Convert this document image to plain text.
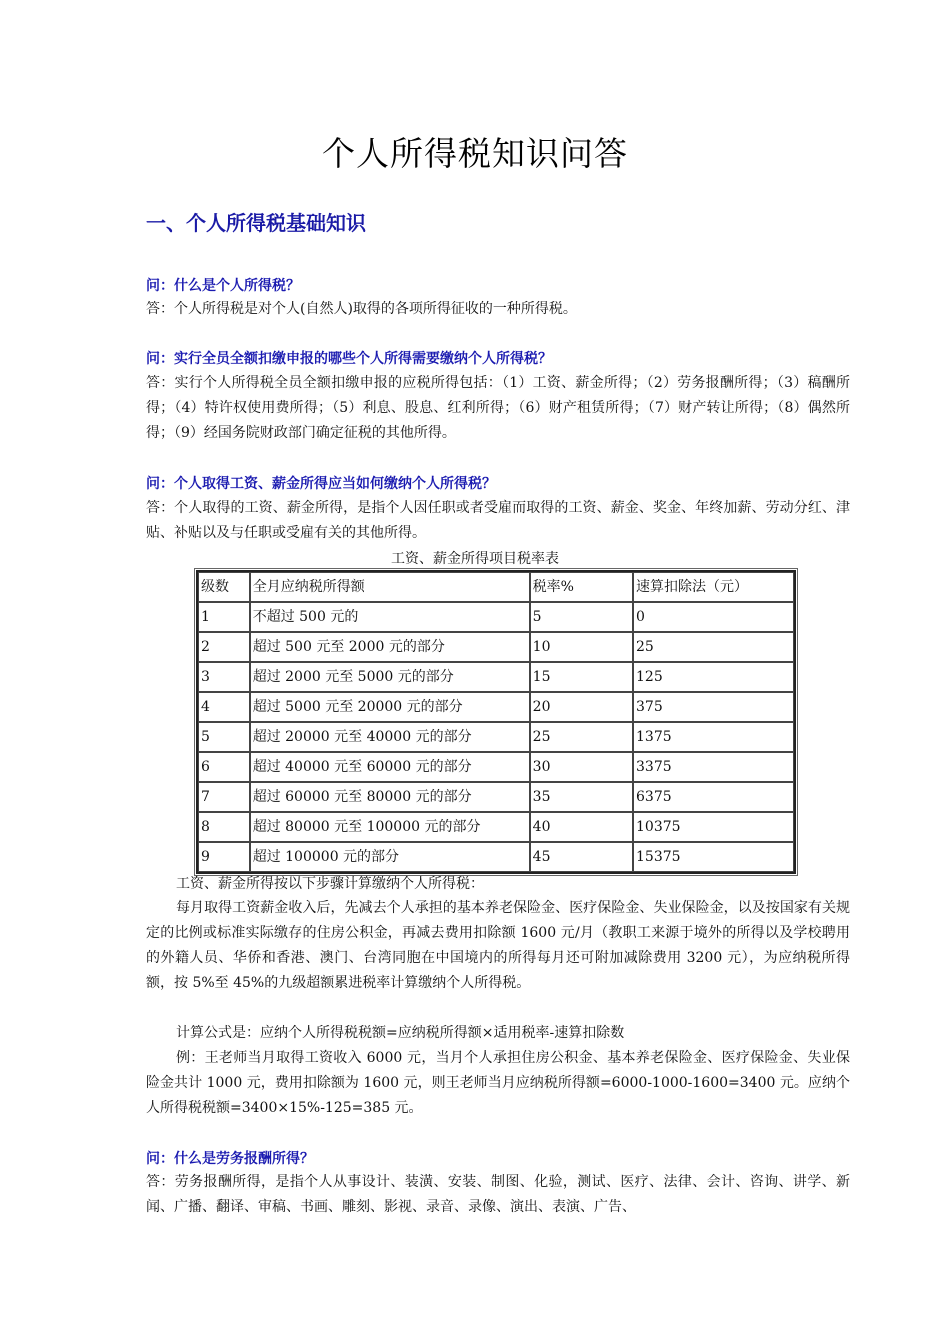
个人所得税知识问答
一、个人所得税基础知识
问：什么是个人所得税？
答：个人所得税是对个人(自然人)取得的各项所得征收的一种所得税。
问：实行全员全额扣缴申报的哪些个人所得需要缴纳个人所得税？
答：实行个人所得税全员全额扣缴申报的应税所得包括：（1）工资、薪金所得；（2）劳务报酬所得；（3）稿酬所得；（4）特许权使用费所得；（5）利息、股息、红利所得；（6）财产租赁所得；（7）财产转让所得；（8）偶然所得；（9）经国务院财政部门确定征税的其他所得。
问：个人取得工资、薪金所得应当如何缴纳个人所得税？
答：个人取得的工资、薪金所得，是指个人因任职或者受雇而取得的工资、薪金、奖金、年终加薪、劳动分红、津贴、补贴以及与任职或受雇有关的其他所得。
工资、薪金所得项目税率表
级数	全月应纳税所得额	税率%	速算扣除法（元）
1	不超过 500 元的	5	0
2	超过 500 元至 2000 元的部分	10	25
3	超过 2000 元至 5000 元的部分	15	125
4	超过 5000 元至 20000 元的部分	20	375
5	超过 20000 元至 40000 元的部分	25	1375
6	超过 40000 元至 60000 元的部分	30	3375
7	超过 60000 元至 80000 元的部分	35	6375
8	超过 80000 元至 100000 元的部分	40	10375
9	超过 100000 元的部分	45	15375
工资、薪金所得按以下步骤计算缴纳个人所得税：
每月取得工资薪金收入后，先减去个人承担的基本养老保险金、医疗保险金、失业保险金，以及按国家有关规定的比例或标准实际缴存的住房公积金，再减去费用扣除额 1600 元/月（教职工来源于境外的所得以及学校聘用的外籍人员、华侨和香港、澳门、台湾同胞在中国境内的所得每月还可附加减除费用 3200 元），为应纳税所得额，按 5%至 45%的九级超额累进税率计算缴纳个人所得税。
计算公式是：应纳个人所得税税额=应纳税所得额×适用税率-速算扣除数
例：王老师当月取得工资收入 6000 元，当月个人承担住房公积金、基本养老保险金、医疗保险金、失业保险金共计 1000 元，费用扣除额为 1600 元，则王老师当月应纳税所得额=6000-1000-1600=3400 元。应纳个人所得税税额=3400×15%-125=385 元。
问：什么是劳务报酬所得？
答：劳务报酬所得，是指个人从事设计、装潢、安装、制图、化验，测试、医疗、法律、会计、咨询、讲学、新闻、广播、翻译、审稿、书画、雕刻、影视、录音、录像、演出、表演、广告、
